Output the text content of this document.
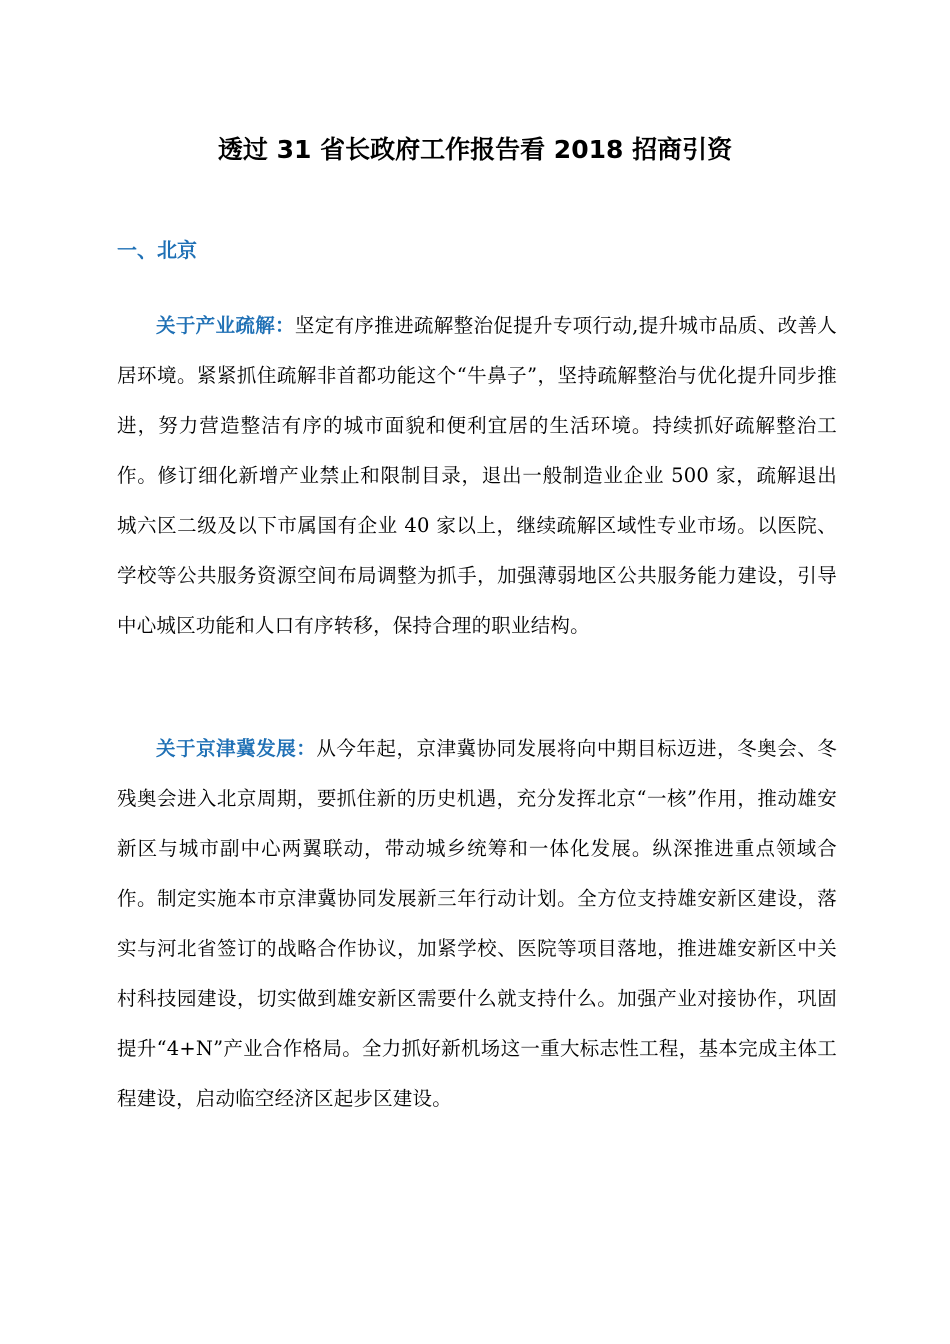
透过 31 省长政府工作报告看 2018 招商引资
一、北京

关于产业疏解：坚定有序推进疏解整治促提升专项行动,提升城市品质、改善人居环境。紧紧抓住疏解非首都功能这个“牛鼻子”，坚持疏解整治与优化提升同步推进，努力营造整洁有序的城市面貌和便利宜居的生活环境。持续抓好疏解整治工作。修订细化新增产业禁止和限制目录，退出一般制造业企业 500 家，疏解退出城六区二级及以下市属国有企业 40 家以上，继续疏解区域性专业市场。以医院、学校等公共服务资源空间布局调整为抓手，加强薄弱地区公共服务能力建设，引导中心城区功能和人口有序转移，保持合理的职业结构。

关于京津冀发展：从今年起，京津冀协同发展将向中期目标迈进，冬奥会、冬残奥会进入北京周期，要抓住新的历史机遇，充分发挥北京“一核”作用，推动雄安新区与城市副中心两翼联动，带动城乡统筹和一体化发展。纵深推进重点领域合作。制定实施本市京津冀协同发展新三年行动计划。全方位支持雄安新区建设，落实与河北省签订的战略合作协议，加紧学校、医院等项目落地，推进雄安新区中关村科技园建设，切实做到雄安新区需要什么就支持什么。加强产业对接协作，巩固提升“4+N”产业合作格局。全力抓好新机场这一重大标志性工程，基本完成主体工程建设，启动临空经济区起步区建设。
